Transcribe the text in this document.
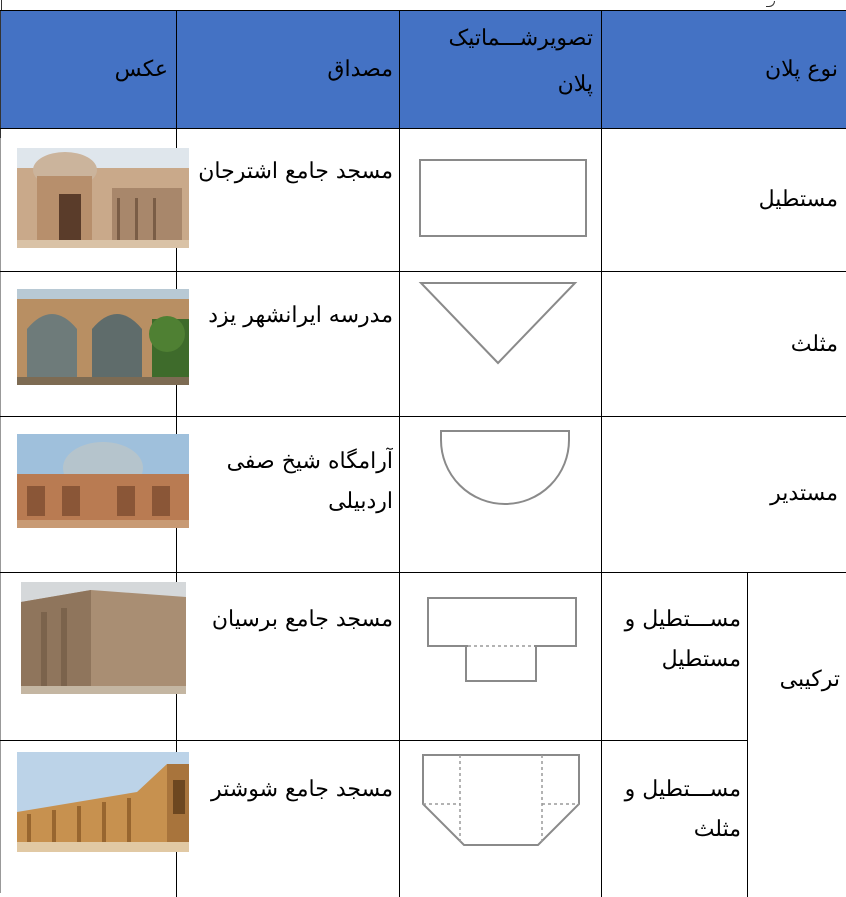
نوع پلان
تصویرشـــماتیک پلان
مصداق
عکس
مستطیل
مسجد جامع اشترجان
مثلث
مدرسه ایرانشهر یزد
مستدیر
آرامگاه شیخ صفی اردبیلی
ترکیبی
مســـتطیل و مستطیل
مسجد جامع برسیان
مســـتطیل و مثلث
مسجد جامع شوشتر
